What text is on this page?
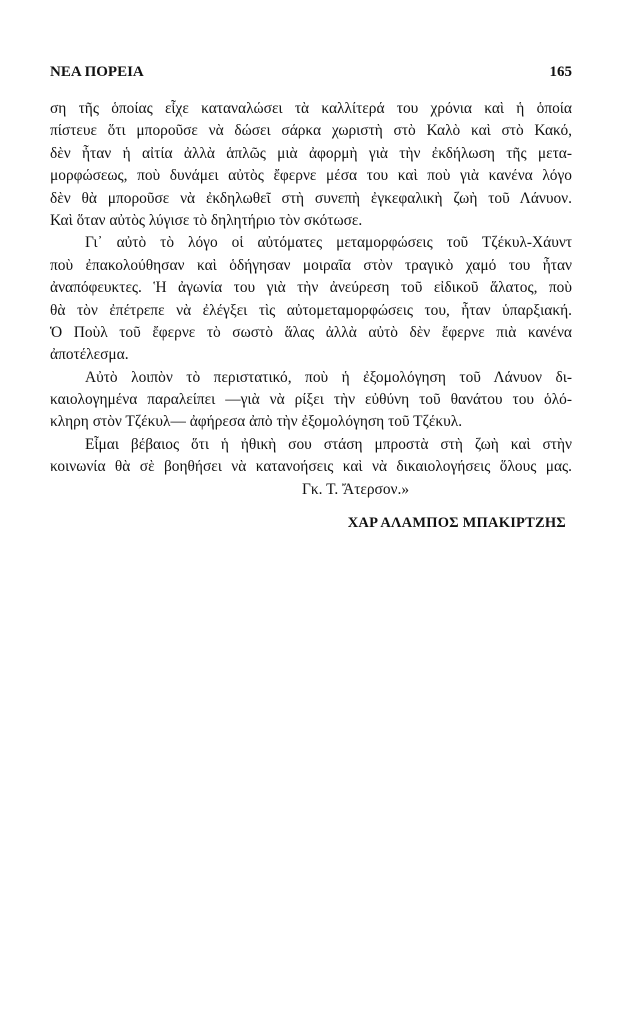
ΝΕΑ ΠΟΡΕΙΑ	165
ση τῆς ὁποίας εἶχε καταναλώσει τὰ καλλίτερά του χρόνια καὶ ἡ ὁποία
πίστευε ὅτι μποροῦσε νὰ δώσει σάρκα χωριστὴ στὸ Καλὸ καὶ στὸ Κακό,
δὲν ἦταν ἡ αἰτία ἀλλὰ ἁπλῶς μιὰ ἀφορμὴ γιὰ τὴν ἐκδήλωση τῆς μετα-
μορφώσεως, ποὺ δυνάμει αὐτὸς ἔφερνε μέσα του καὶ ποὺ γιὰ κανένα λόγο
δὲν θὰ μποροῦσε νὰ ἐκδηλωθεῖ στὴ συνεπὴ ἐγκεφαλικὴ ζωὴ τοῦ Λάνυον.
Καὶ ὅταν αὐτὸς λύγισε τὸ δηλητήριο τὸν σκότωσε.
Γι᾿ αὐτὸ τὸ λόγο οἱ αὐτόματες μεταμορφώσεις τοῦ Τζέκυλ-Χάυντ
ποὺ ἐπακολούθησαν καὶ ὁδήγησαν μοιραῖα στὸν τραγικὸ χαμό του ἦταν
ἀναπόφευκτες. Ἡ ἀγωνία του γιὰ τὴν ἀνεύρεση τοῦ εἰδικοῦ ἅλατος, ποὺ
θὰ τὸν ἐπέτρεπε νὰ ἐλέγξει τὶς αὐτομεταμορφώσεις του, ἦταν ὑπαρξιακή.
Ὁ Ποὺλ τοῦ ἔφερνε τὸ σωστὸ ἅλας ἀλλὰ αὐτὸ δὲν ἔφερνε πιὰ κανένα
ἀποτέλεσμα.
Αὐτὸ λοιπὸν τὸ περιστατικό, ποὺ ἡ ἐξομολόγηση τοῦ Λάνυον δι-
καιολογημένα παραλείπει —γιὰ νὰ ρίξει τὴν εὐθύνη τοῦ θανάτου του ὁλό-
κληρη στὸν Τζέκυλ— ἀφήρεσα ἀπὸ τὴν ἐξομολόγηση τοῦ Τζέκυλ.
Εἶμαι βέβαιος ὅτι ἡ ἠθικὴ σου στάση μπροστὰ στὴ ζωὴ καὶ στὴν
κοινωνία θὰ σὲ βοηθήσει νὰ κατανοήσεις καὶ νὰ δικαιολογήσεις ὅλους μας.
Γκ. Τ. Ἄτερσον.»
ΧΑΡ ΑΛΑΜΠΟΣ ΜΠΑΚΙΡΤΖΗΣ
